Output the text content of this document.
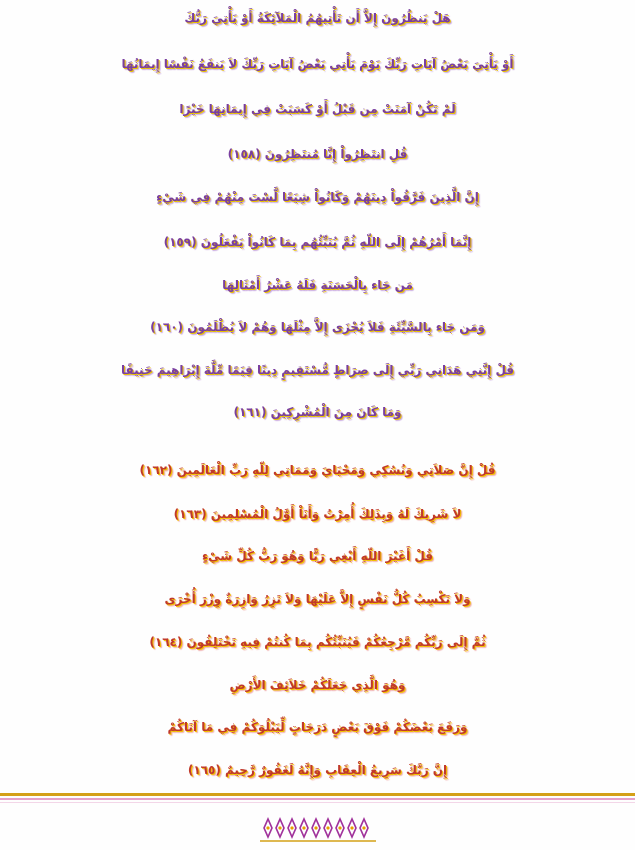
هَلْ يَنظُرُونَ إِلاَّ أَن تَأْتِيهُمُ الْمَلآئِكَةُ أَوْ يَأْتِيَ رَبُّكَ
أَوْ يَأْتِيَ بَعْضُ آيَاتِ رَبِّكَ يَوْمَ يَأْتِي بَعْضُ آيَاتِ رَبِّكَ لاَ يَنفَعُ نَفْسًا إِيمَانُهَا
لَمْ تَكُنْ آمَنَتْ مِن قَبْلُ أَوْ كَسَبَتْ فِي إِيمَانِهَا خَيْرًا
قُلِ انتَظِرُواْ إِنَّا مُنتَظِرُونَ (١٥٨)
إِنَّ الَّذِينَ فَرَّقُواْ دِينَهُمْ وَكَانُواْ شِيَعًا لَّسْتَ مِنْهُمْ فِي شَيْءٍ
إِنَّمَا أَمْرُهُمْ إِلَى اللّهِ ثُمَّ يُنَبِّئُهُم بِمَا كَانُواْ يَفْعَلُونَ (١٥٩)
مَن جَاء بِالْحَسَنَةِ فَلَهُ عَشْرُ أَمْثَالِهَا
وَمَن جَاء بِالسَّيِّئَةِ فَلاَ يُجْزَى إِلاَّ مِثْلَهَا وَهُمْ لاَ يُظْلَمُونَ (١٦٠)
قُلْ إِنَّنِي هَدَانِي رَبِّي إِلَى صِرَاطٍ مُّسْتَقِيمٍ دِينًا قِيَمًا مِّلَّةَ إِبْرَاهِيمَ حَنِيفًا
وَمَا كَانَ مِنَ الْمُشْرِكِينَ (١٦١)
قُلْ إِنَّ صَلاَتِي وَنُسُكِي وَمَحْيَايَ وَمَمَاتِي لِلّهِ رَبِّ الْعَالَمِينَ (١٦٢)
لاَ شَرِيكَ لَهُ وَبِذَلِكَ أُمِرْتُ وَأَنَاْ أَوَّلُ الْمُسْلِمِينَ (١٦٣)
قُلْ أَغَيْرَ اللّهِ أَبْغِي رَبًّا وَهُوَ رَبُّ كُلِّ شَيْءٍ
وَلاَ تَكْسِبُ كُلُّ نَفْسٍ إِلاَّ عَلَيْهَا وَلاَ تَزِرُ وَازِرَةٌ وِزْرَ أُخْرَى
ثُمَّ إِلَى رَبِّكُم مَّرْجِعُكُمْ فَيُنَبِّئُكُم بِمَا كُنتُمْ فِيهِ تَخْتَلِفُونَ (١٦٤)
وَهُوَ الَّذِي جَعَلَكُمْ خَلاَئِفَ الأَرْضِ
وَرَفَعَ بَعْضَكُمْ فَوْقَ بَعْضٍ دَرَجَاتٍ لِّيَبْلُوَكُمْ فِي مَا آتَاكُمْ
إِنَّ رَبَّكَ سَرِيعُ الْعِقَابِ وَإِنَّهُ لَغَفُورٌ رَّحِيمٌ (١٦٥)
